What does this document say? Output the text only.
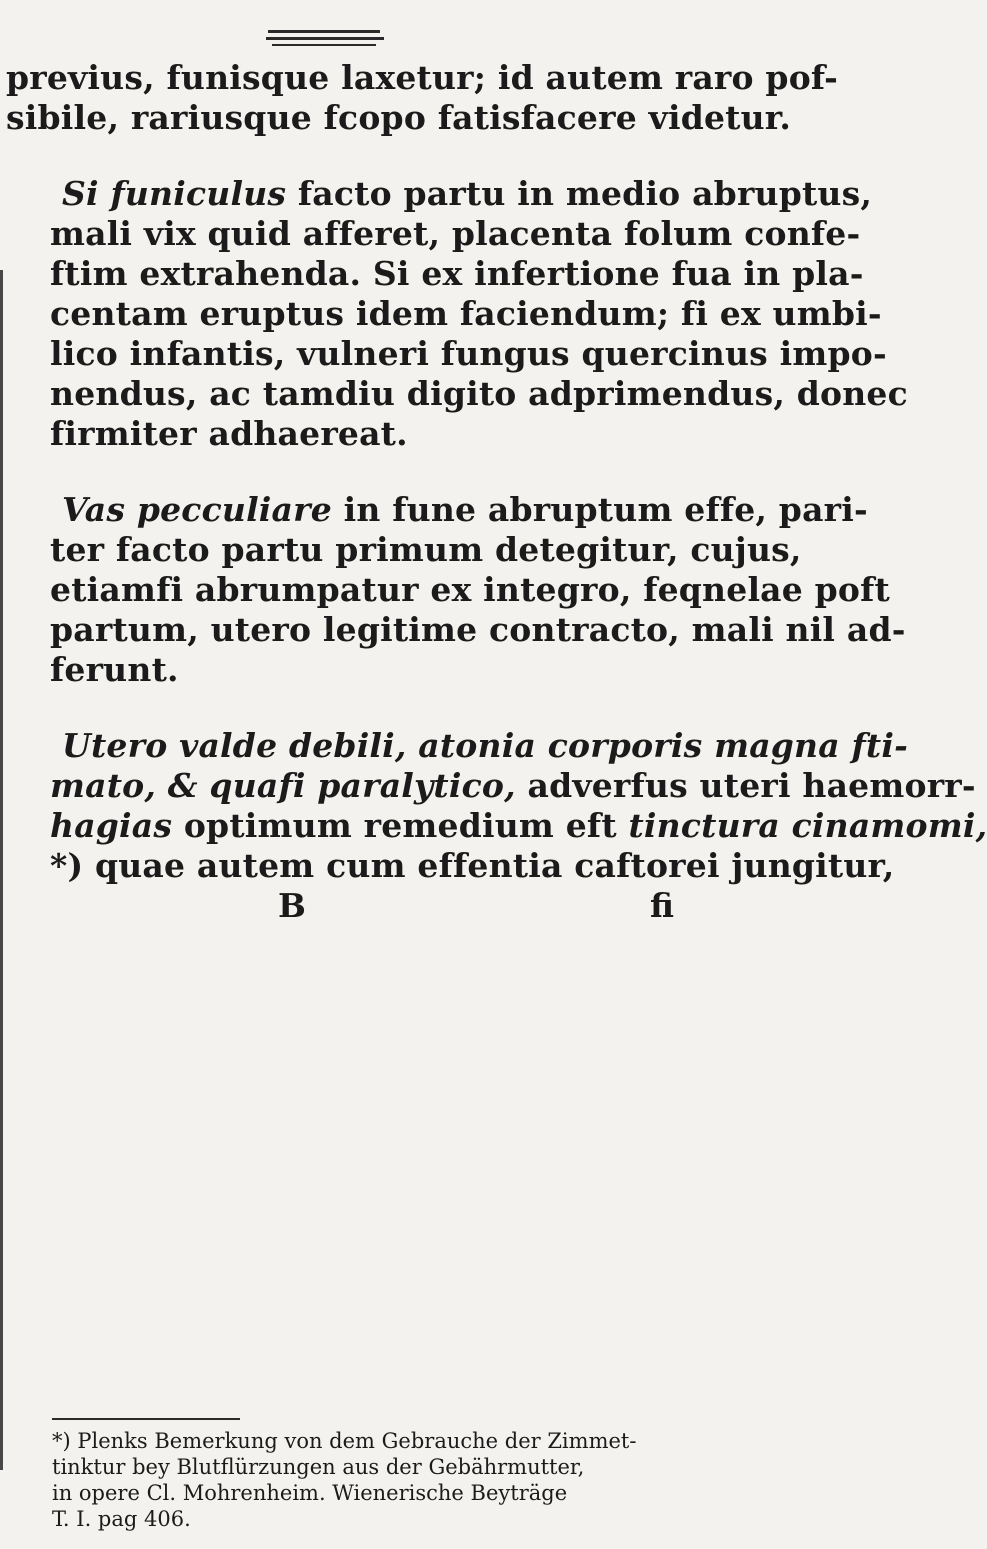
previus, funisque laxetur; id autem raro pof-

sibile, rariusque fcopo fatisfacere videtur.

Si funiculus facto partu in medio abruptus,

mali vix quid afferet, placenta folum confe-

ftim extrahenda. Si ex infertione fua in pla-

centam eruptus idem faciendum; fi ex umbi-

lico infantis, vulneri fungus quercinus impo-

nendus, ac tamdiu digito adprimendus, donec

firmiter adhaereat.

Vas pecculiare in fune abruptum effe, pari-

ter facto partu primum detegitur, cujus,

etiamfi abrumpatur ex integro, feqnelae poft

partum, utero legitime contracto, mali nil ad-

ferunt.

Utero valde debili, atonia corporis magna fti-

mato, & quafi paralytico, adverfus uteri haemorr-

hagias optimum remedium eft tinctura cinamomi,

*) quae autem cum effentia caftorei jungitur,

B	fi

*) Plenks Bemerkung von dem Gebrauche der Zimmet-

tinktur bey Blutflürzungen aus der Gebährmutter,

in opere Cl. Mohrenheim. Wienerische Beyträge

T. I. pag 406.
